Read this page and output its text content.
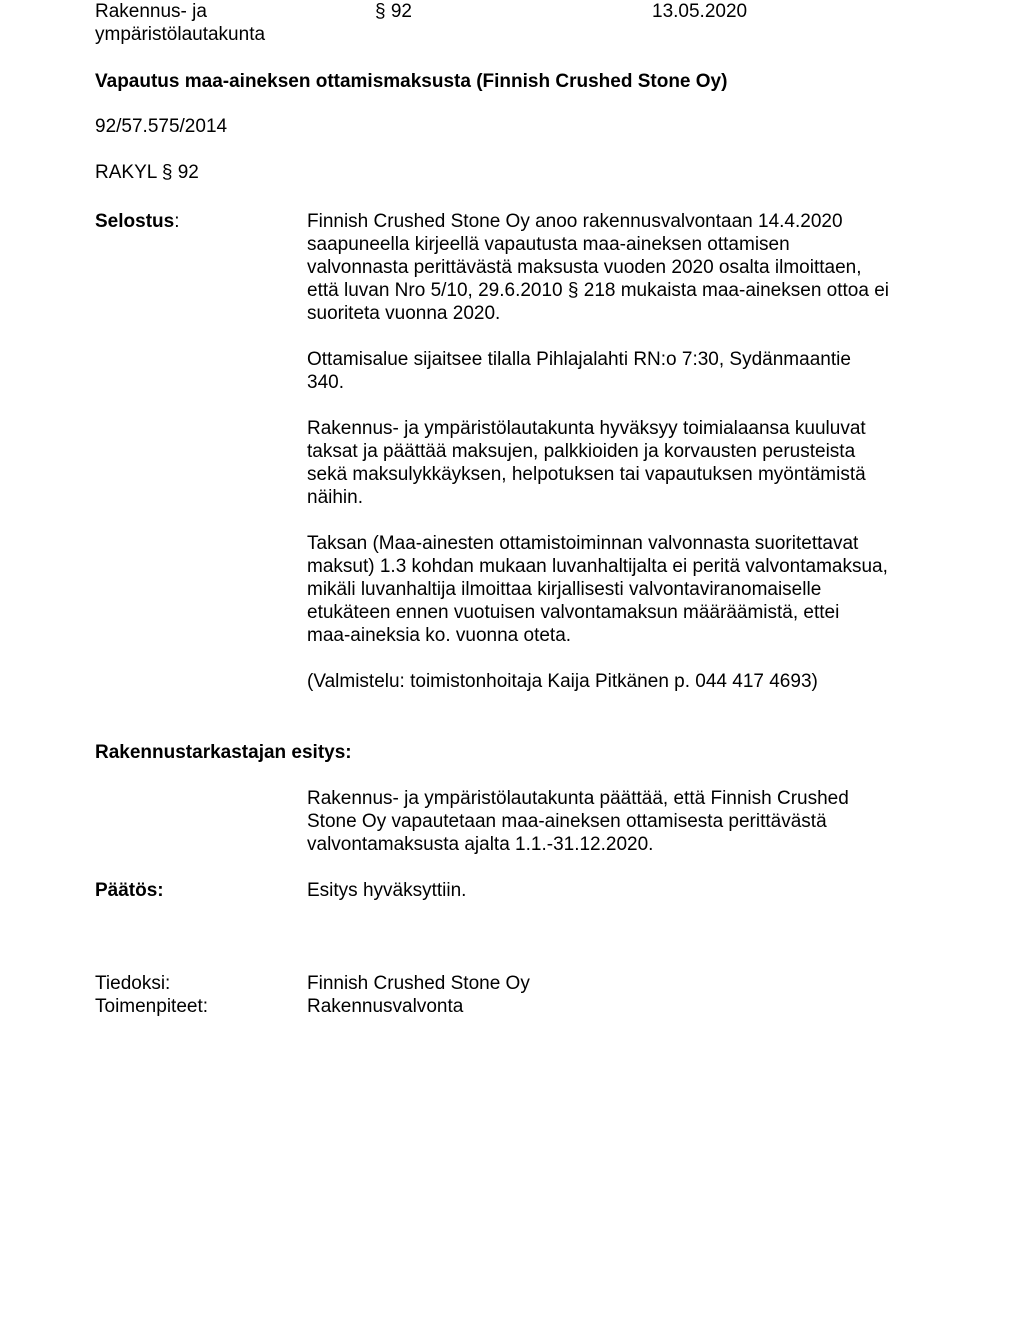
Rakennus- ja
ympäristölautakunta
§ 92	13.05.2020
Vapautus maa-aineksen ottamismaksusta (Finnish Crushed Stone Oy)
92/57.575/2014
RAKYL § 92
Selostus:	Finnish Crushed Stone Oy anoo rakennusvalvontaan 14.4.2020
saapuneella kirjeellä vapautusta maa-aineksen ottamisen
valvonnasta perittävästä maksusta vuoden 2020 osalta ilmoittaen,
että luvan Nro 5/10, 29.6.2010 § 218 mukaista maa-aineksen ottoa ei
suoriteta vuonna 2020.

Ottamisalue sijaitsee tilalla Pihlajalahti RN:o 7:30, Sydänmaantie
340.

Rakennus- ja ympäristölautakunta hyväksyy toimialaansa kuuluvat
taksat ja päättää maksujen, palkkioiden ja korvausten perusteista
sekä maksulykkäyksen, helpotuksen tai vapautuksen myöntämistä
näihin.

Taksan (Maa-ainesten ottamistoiminnan valvonnasta suoritettavat
maksut) 1.3 kohdan mukaan luvanhaltijalta ei peritä valvontamaksua,
mikäli luvanhaltija ilmoittaa kirjallisesti valvontaviranomaiselle
etukäteen ennen vuotuisen valvontamaksun määräämistä, ettei
maa-aineksia ko. vuonna oteta.

(Valmistelu: toimistonhoitaja Kaija Pitkänen p. 044 417 4693)

Rakennustarkastajan esitys:
Rakennus- ja ympäristölautakunta päättää, että Finnish Crushed
Stone Oy vapautetaan maa-aineksen ottamisesta perittävästä
valvontamaksusta ajalta 1.1.-31.12.2020.
Päätös:	Esitys hyväksyttiin.
Tiedoksi:	Finnish Crushed Stone Oy
Toimenpiteet:	Rakennusvalvonta
